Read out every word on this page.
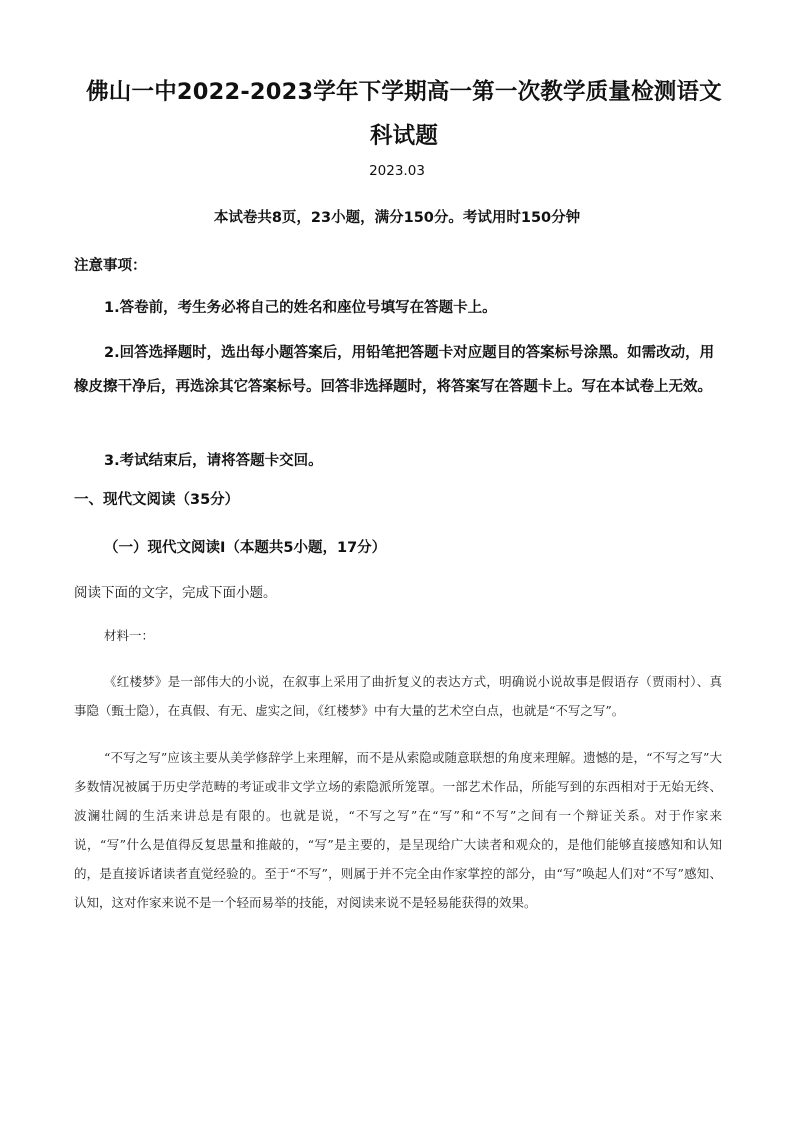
佛山一中2022-2023学年下学期高一第一次教学质量检测语文科试题
2023.03
本试卷共8页，23小题，满分150分。考试用时150分钟
注意事项：

1.答卷前，考生务必将自己的姓名和座位号填写在答题卡上。

2.回答选择题时，选出每小题答案后，用铅笔把答题卡对应题目的答案标号涂黑。如需改动，用橡皮擦干净后，再选涂其它答案标号。回答非选择题时，将答案写在答题卡上。写在本试卷上无效。

3.考试结束后，请将答题卡交回。

一、现代文阅读（35分）
（一）现代文阅读Ⅰ（本题共5小题，17分）
阅读下面的文字，完成下面小题。
材料一：

《红楼梦》是一部伟大的小说，在叙事上采用了曲折复义的表达方式，明确说小说故事是假语存（贾雨村）、真事隐（甄士隐），在真假、有无、虚实之间，《红楼梦》中有大量的艺术空白点，也就是“不写之写”。

“不写之写”应该主要从美学修辞学上来理解，而不是从索隐或随意联想的角度来理解。遗憾的是，“不写之写”大多数情况被属于历史学范畴的考证或非文学立场的索隐派所笼罩。一部艺术作品，所能写到的东西相对于无始无终、波澜壮阔的生活来讲总是有限的。也就是说，“不写之写”在“写”和“不写”之间有一个辩证关系。对于作家来说，“写”什么是值得反复思量和推敲的，“写”是主要的，是呈现给广大读者和观众的，是他们能够直接感知和认知的，是直接诉诸读者直觉经验的。至于“不写”，则属于并不完全由作家掌控的部分，由“写”唤起人们对“不写”感知、认知，这对作家来说不是一个轻而易举的技能，对阅读来说不是轻易能获得的效果。
